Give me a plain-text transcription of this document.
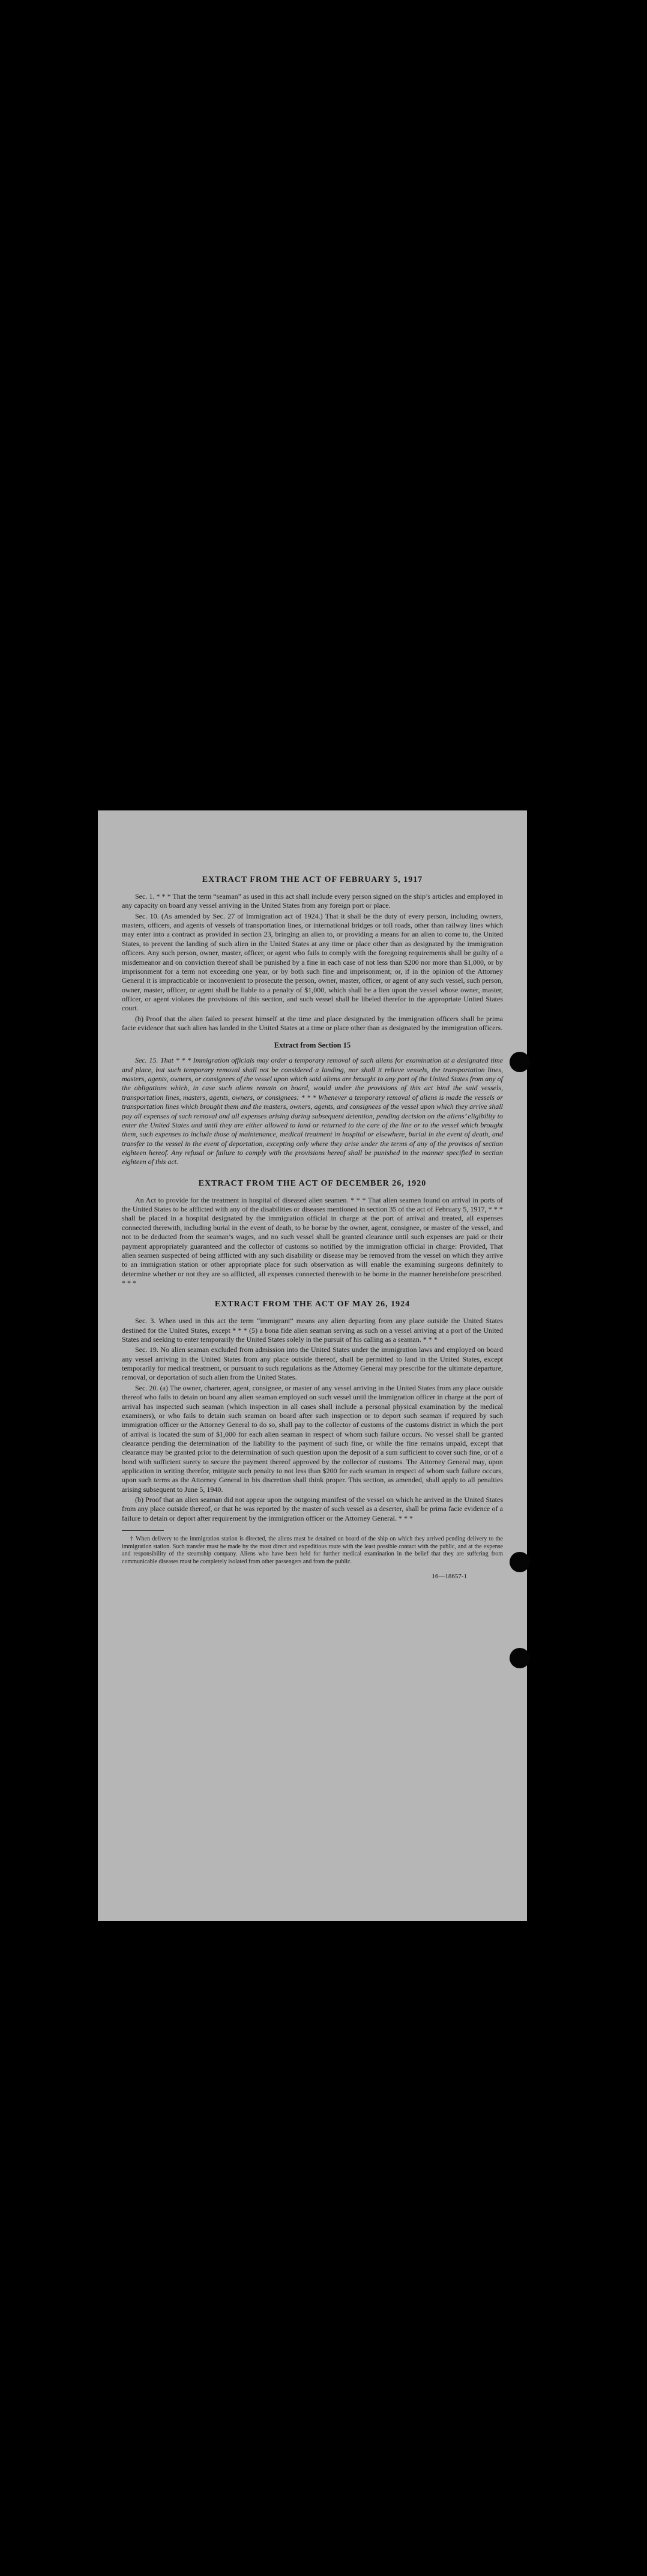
EXTRACT FROM THE ACT OF FEBRUARY 5, 1917

Sec. 1. * * * That the term “seaman” as used in this act shall include every person signed on the ship’s articles and employed in any capacity on board any vessel arriving in the United States from any foreign port or place.

Sec. 10. (As amended by Sec. 27 of Immigration act of 1924.) That it shall be the duty of every person, including owners, masters, officers, and agents of vessels of transportation lines, or international bridges or toll roads, other than railway lines which may enter into a contract as provided in section 23, bringing an alien to, or providing a means for an alien to come to, the United States, to prevent the landing of such alien in the United States at any time or place other than as designated by the immigration officers. Any such person, owner, master, officer, or agent who fails to comply with the foregoing requirements shall be guilty of a misdemeanor and on conviction thereof shall be punished by a fine in each case of not less than $200 nor more than $1,000, or by imprisonment for a term not exceeding one year, or by both such fine and imprisonment; or, if in the opinion of the Attorney General it is impracticable or inconvenient to prosecute the person, owner, master, officer, or agent of any such vessel, such person, owner, master, officer, or agent shall be liable to a penalty of $1,000, which shall be a lien upon the vessel whose owner, master, officer, or agent violates the provisions of this section, and such vessel shall be libeled therefor in the appropriate United States court.

(b) Proof that the alien failed to present himself at the time and place designated by the immigration officers shall be prima facie evidence that such alien has landed in the United States at a time or place other than as designated by the immigration officers.

Extract from Section 15

Sec. 15. That * * * Immigration officials may order a temporary removal of such aliens for examination at a designated time and place, but such temporary removal shall not be considered a landing, nor shall it relieve vessels, the transportation lines, masters, agents, owners, or consignees of the vessel upon which said aliens are brought to any port of the United States from any of the obligations which, in case such aliens remain on board, would under the provisions of this act bind the said vessels, transportation lines, masters, agents, owners, or consignees: * * * Whenever a temporary removal of aliens is made the vessels or transportation lines which brought them and the masters, owners, agents, and consignees of the vessel upon which they arrive shall pay all expenses of such removal and all expenses arising during subsequent detention, pending decision on the aliens’ eligibility to enter the United States and until they are either allowed to land or returned to the care of the line or to the vessel which brought them, such expenses to include those of maintenance, medical treatment in hospital or elsewhere, burial in the event of death, and transfer to the vessel in the event of deportation, excepting only where they arise under the terms of any of the provisos of section eighteen hereof. Any refusal or failure to comply with the provisions hereof shall be punished in the manner specified in section eighteen of this act.

EXTRACT FROM THE ACT OF DECEMBER 26, 1920

An Act to provide for the treatment in hospital of diseased alien seamen. * * * That alien seamen found on arrival in ports of the United States to be afflicted with any of the disabilities or diseases mentioned in section 35 of the act of February 5, 1917, * * * shall be placed in a hospital designated by the immigration official in charge at the port of arrival and treated, all expenses connected therewith, including burial in the event of death, to be borne by the owner, agent, consignee, or master of the vessel, and not to be deducted from the seaman’s wages, and no such vessel shall be granted clearance until such expenses are paid or their payment appropriately guaranteed and the collector of customs so notified by the immigration official in charge: Provided, That alien seamen suspected of being afflicted with any such disability or disease may be removed from the vessel on which they arrive to an immigration station or other appropriate place for such observation as will enable the examining surgeons definitely to determine whether or not they are so afflicted, all expenses connected therewith to be borne in the manner hereinbefore prescribed. * * *

EXTRACT FROM THE ACT OF MAY 26, 1924

Sec. 3. When used in this act the term “immigrant” means any alien departing from any place outside the United States destined for the United States, except * * * (5) a bona fide alien seaman serving as such on a vessel arriving at a port of the United States and seeking to enter temporarily the United States solely in the pursuit of his calling as a seaman. * * *

Sec. 19. No alien seaman excluded from admission into the United States under the immigration laws and employed on board any vessel arriving in the United States from any place outside thereof, shall be permitted to land in the United States, except temporarily for medical treatment, or pursuant to such regulations as the Attorney General may prescribe for the ultimate departure, removal, or deportation of such alien from the United States.

Sec. 20. (a) The owner, charterer, agent, consignee, or master of any vessel arriving in the United States from any place outside thereof who fails to detain on board any alien seaman employed on such vessel until the immigration officer in charge at the port of arrival has inspected such seaman (which inspection in all cases shall include a personal physical examination by the medical examiners), or who fails to detain such seaman on board after such inspection or to deport such seaman if required by such immigration officer or the Attorney General to do so, shall pay to the collector of customs of the customs district in which the port of arrival is located the sum of $1,000 for each alien seaman in respect of whom such failure occurs. No vessel shall be granted clearance pending the determination of the liability to the payment of such fine, or while the fine remains unpaid, except that clearance may be granted prior to the determination of such question upon the deposit of a sum sufficient to cover such fine, or of a bond with sufficient surety to secure the payment thereof approved by the collector of customs. The Attorney General may, upon application in writing therefor, mitigate such penalty to not less than $200 for each seaman in respect of whom such failure occurs, upon such terms as the Attorney General in his discretion shall think proper. This section, as amended, shall apply to all penalties arising subsequent to June 5, 1940.

(b) Proof that an alien seaman did not appear upon the outgoing manifest of the vessel on which he arrived in the United States from any place outside thereof, or that he was reported by the master of such vessel as a deserter, shall be prima facie evidence of a failure to detain or deport after requirement by the immigration officer or the Attorney General. * * *

† When delivery to the immigration station is directed, the aliens must be detained on board of the ship on which they arrived pending delivery to the immigration station. Such transfer must be made by the most direct and expeditious route with the least possible contact with the public, and at the expense and responsibility of the steamship company. Aliens who have been held for further medical examination in the belief that they are suffering from communicable diseases must be completely isolated from other passengers and from the public.

16—18657-1
